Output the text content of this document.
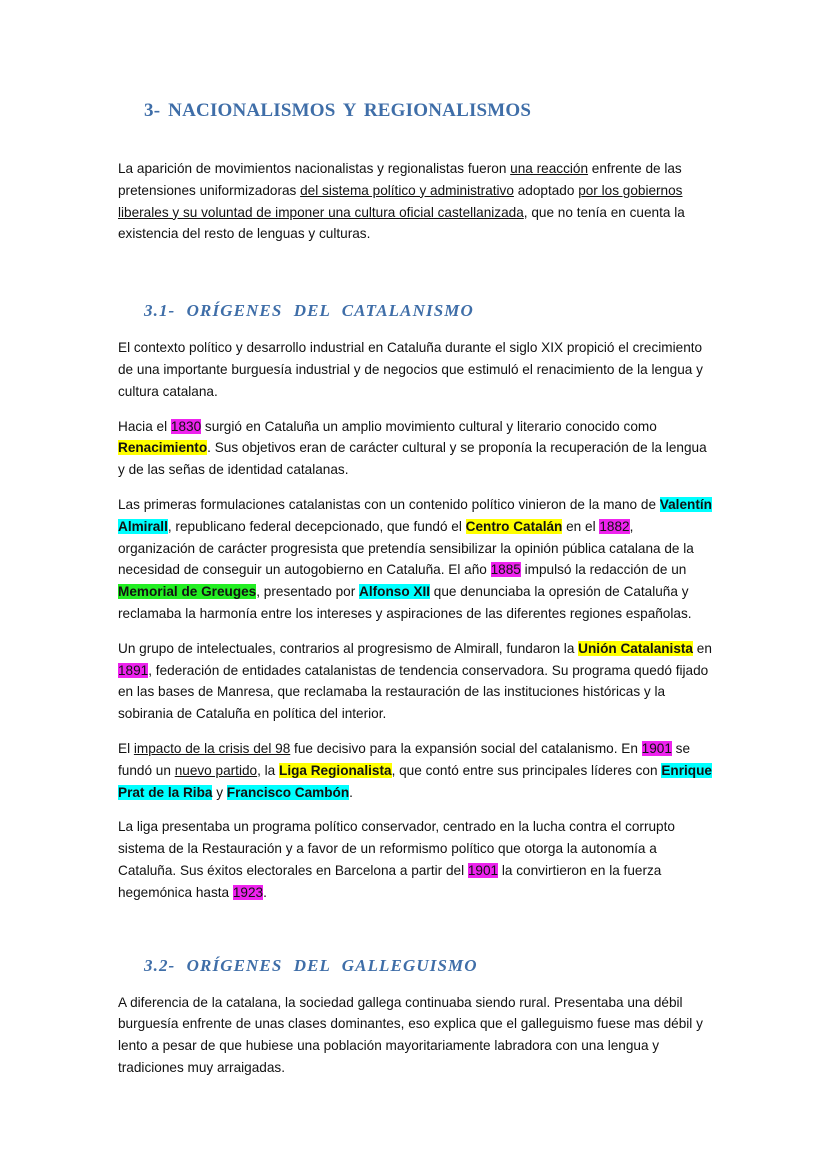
3- NACIONALISMOS Y REGIONALISMOS

La aparición de movimientos nacionalistas y regionalistas fueron una reacción enfrente de las pretensiones uniformizadoras del sistema político y administrativo adoptado por los gobiernos liberales y su voluntad de imponer una cultura oficial castellanizada, que no tenía en cuenta la existencia del resto de lenguas y culturas.

3.1- ORÍGENES DEL CATALANISMO

El contexto político y desarrollo industrial en Cataluña durante el siglo XIX propició el crecimiento de una importante burguesía industrial y de negocios que estimuló el renacimiento de la lengua y cultura catalana.

Hacia el 1830 surgió en Cataluña un amplio movimiento cultural y literario conocido como Renacimiento. Sus objetivos eran de carácter cultural y se proponía la recuperación de la lengua y de las señas de identidad catalanas.

Las primeras formulaciones catalanistas con un contenido político vinieron de la mano de Valentín Almirall, republicano federal decepcionado, que fundó el Centro Catalán en el 1882, organización de carácter progresista que pretendía sensibilizar la opinión pública catalana de la necesidad de conseguir un autogobierno en Cataluña. El año 1885 impulsó la redacción de un Memorial de Greuges, presentado por Alfonso XII que denunciaba la opresión de Cataluña y reclamaba la harmonía entre los intereses y aspiraciones de las diferentes regiones españolas.

Un grupo de intelectuales, contrarios al progresismo de Almirall, fundaron la Unión Catalanista en 1891, federación de entidades catalanistas de tendencia conservadora. Su programa quedó fijado en las bases de Manresa, que reclamaba la restauración de las instituciones históricas y la sobirania de Cataluña en política del interior.

El impacto de la crisis del 98 fue decisivo para la expansión social del catalanismo. En 1901 se fundó un nuevo partido, la Liga Regionalista, que contó entre sus principales líderes con Enrique Prat de la Riba y Francisco Cambón.

La liga presentaba un programa político conservador, centrado en la lucha contra el corrupto sistema de la Restauración y a favor de un reformismo político que otorga la autonomía a Cataluña. Sus éxitos electorales en Barcelona a partir del 1901 la convirtieron en la fuerza hegemónica hasta 1923.

3.2- ORÍGENES DEL GALLEGUISMO

A diferencia de la catalana, la sociedad gallega continuaba siendo rural. Presentaba una débil burguesía enfrente de unas clases dominantes, eso explica que el galleguismo fuese mas débil y lento a pesar de que hubiese una población mayoritariamente labradora con una lengua y tradiciones muy arraigadas.
